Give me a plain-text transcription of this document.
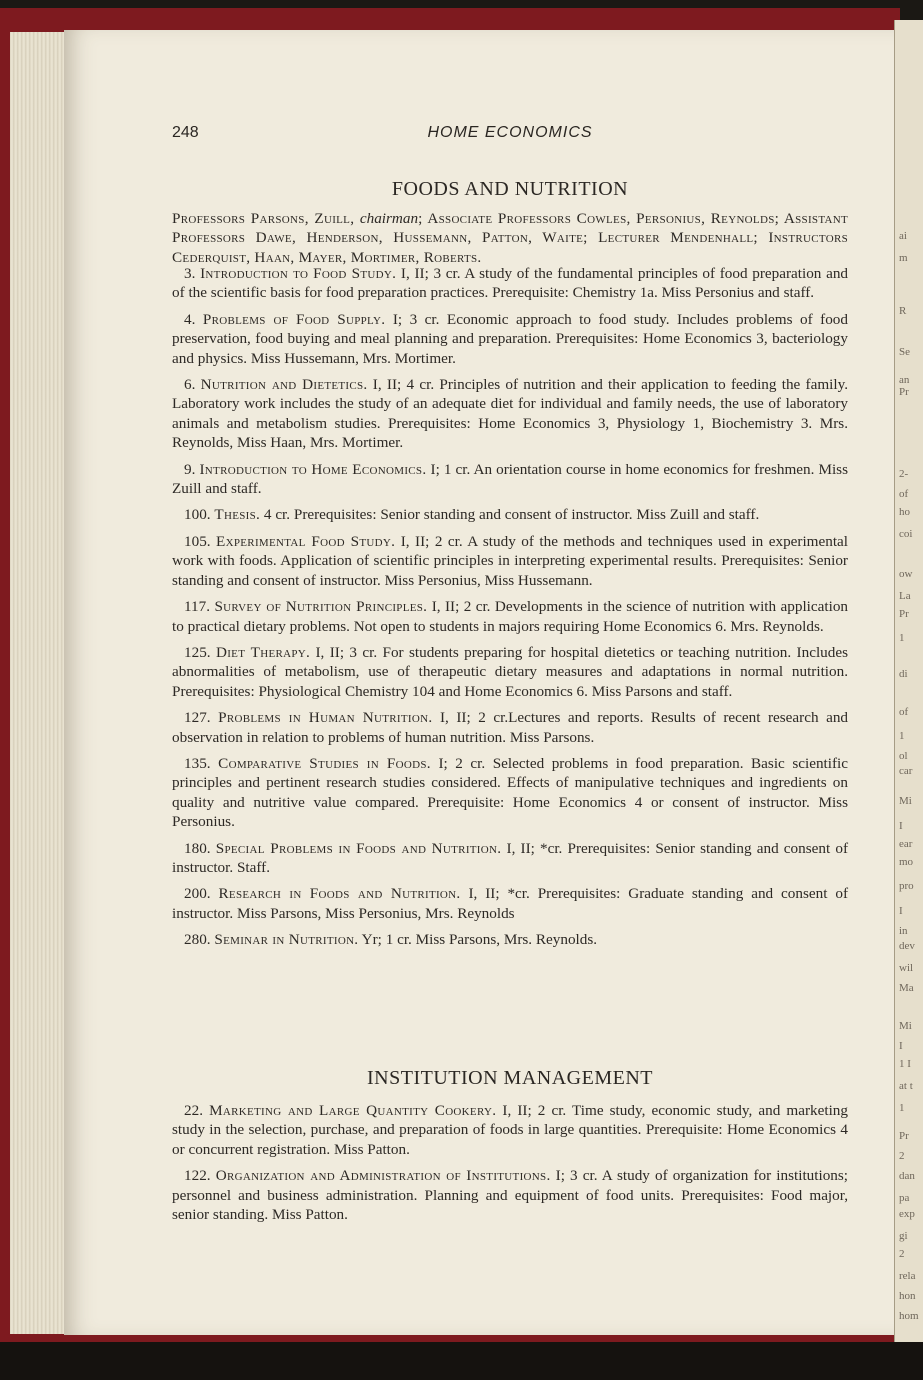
ai
m
R
Se
an
Pr
2-
of
ho
coi
ow
La
Pr
1
di
of
1
ol
car
Mi
I
ear
mo
pro
I
in
dev
wil
Ma
Mi
I
1 I
at t
1
Pr
2
dan
pa
exp
gi
2
rela
hon
hom
248	HOME ECONOMICS
FOODS AND NUTRITION
Professors Parsons, Zuill, chairman; Associate Professors Cowles, Personius, Reynolds; Assistant Professors Dawe, Henderson, Hussemann, Patton, Waite; Lecturer Mendenhall; Instructors Cederquist, Haan, Mayer, Mortimer, Roberts.
3. Introduction to Food Study. I, II; 3 cr. A study of the fundamental principles of food preparation and of the scientific basis for food preparation practices. Prerequisite: Chemistry 1a. Miss Personius and staff.
4. Problems of Food Supply. I; 3 cr. Economic approach to food study. Includes problems of food preservation, food buying and meal planning and preparation. Prerequisites: Home Economics 3, bacteriology and physics. Miss Hussemann, Mrs. Mortimer.
6. Nutrition and Dietetics. I, II; 4 cr. Principles of nutrition and their application to feeding the family. Laboratory work includes the study of an adequate diet for individual and family needs, the use of laboratory animals and metabolism studies. Prerequisites: Home Economics 3, Physiology 1, Biochemistry 3. Mrs. Reynolds, Miss Haan, Mrs. Mortimer.
9. Introduction to Home Economics. I; 1 cr. An orientation course in home economics for freshmen. Miss Zuill and staff.
100. Thesis. 4 cr. Prerequisites: Senior standing and consent of instructor. Miss Zuill and staff.
105. Experimental Food Study. I, II; 2 cr. A study of the methods and techniques used in experimental work with foods. Application of scientific principles in interpreting experimental results. Prerequisites: Senior standing and consent of instructor. Miss Personius, Miss Hussemann.
117. Survey of Nutrition Principles. I, II; 2 cr. Developments in the science of nutrition with application to practical dietary problems. Not open to students in majors requiring Home Economics 6. Mrs. Reynolds.
125. Diet Therapy. I, II; 3 cr. For students preparing for hospital dietetics or teaching nutrition. Includes abnormalities of metabolism, use of therapeutic dietary measures and adaptations in normal nutrition. Prerequisites: Physiological Chemistry 104 and Home Economics 6. Miss Parsons and staff.
127. Problems in Human Nutrition. I, II; 2 cr.Lectures and reports. Results of recent research and observation in relation to problems of human nutrition. Miss Parsons.
135. Comparative Studies in Foods. I; 2 cr. Selected problems in food preparation. Basic scientific principles and pertinent research studies considered. Effects of manipulative techniques and ingredients on quality and nutritive value compared. Prerequisite: Home Economics 4 or consent of instructor. Miss Personius.
180. Special Problems in Foods and Nutrition. I, II; *cr. Prerequisites: Senior standing and consent of instructor. Staff.
200. Research in Foods and Nutrition. I, II; *cr. Prerequisites: Graduate standing and consent of instructor. Miss Parsons, Miss Personius, Mrs. Reynolds
280. Seminar in Nutrition. Yr; 1 cr. Miss Parsons, Mrs. Reynolds.
INSTITUTION MANAGEMENT
22. Marketing and Large Quantity Cookery. I, II; 2 cr. Time study, economic study, and marketing study in the selection, purchase, and preparation of foods in large quantities. Prerequisite: Home Economics 4 or concurrent registration. Miss Patton.
122. Organization and Administration of Institutions. I; 3 cr. A study of organization for institutions; personnel and business administration. Planning and equipment of food units. Prerequisites: Food major, senior standing. Miss Patton.
